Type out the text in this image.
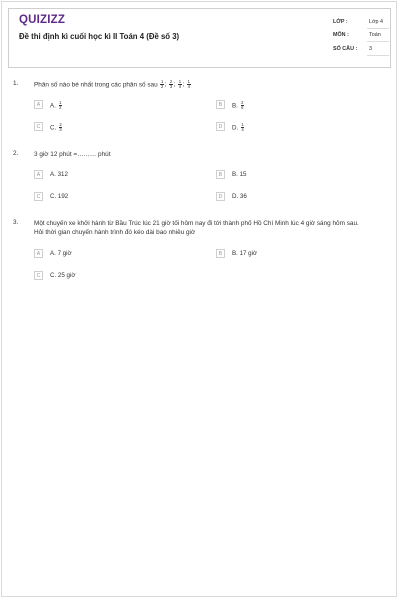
QUIZIZZ
Đề thi định kì cuối học kì II Toán 4 (Đề số 3)
LỚP :	Lớp 4
MÔN :	Toán
SỐ CÂU : 3
1. Phân số nào bé nhất trong các phân số sau $\frac{1}{2}$ ; $\frac{2}{3}$ ; $\frac{1}{4}$ ; $\frac{1}{4}$
A	A. $\frac{1}{2}$	B	B. $\frac{2}{6}$
C	C. $\frac{2}{3}$	D	D. $\frac{1}{4}$
2. 3 giờ 12 phút =……… phút
A	A. 312	B	B. 15
C	C. 192	D	D. 36
3. Một chuyến xe khởi hành từ Bầu Trúc lúc 21 giờ tối hôm nay đi tới thành phố Hồ Chí Minh lúc 4 giờ sáng hôm sau.
Hỏi thời gian chuyến hành trình đó kéo dài bao nhiêu giờ
A	A. 7 giờ	B	B. 17 giờ
C	C. 25 giờ
